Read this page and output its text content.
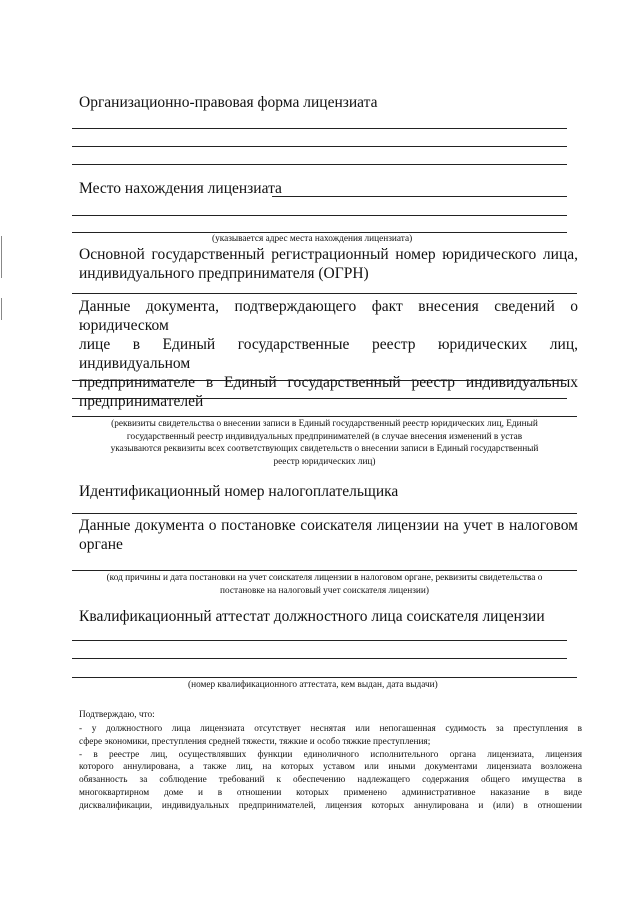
Организационно-правовая форма лицензиата
Место нахождения лицензиата
(указывается адрес места нахождения лицензиата)
Основной государственный регистрационный номер юридического лица,
индивидуального предпринимателя (ОГРН)
Данные документа, подтверждающего факт внесения сведений о юридическом
лице в Единый государственные реестр юридических лиц, индивидуальном
предпринимателе в Единый государственный реестр индивидуальных
предпринимателей
(реквизиты свидетельства о внесении записи в Единый государственный реестр юридических лиц, Единый
государственный реестр индивидуальных предпринимателей (в случае внесения изменений в устав
указываются реквизиты всех соответствующих свидетельств о внесении записи в Единый государственный
реестр юридических лиц)
Идентификационный номер налогоплательщика
Данные документа о постановке соискателя лицензии на учет в налоговом
органе
(код причины и дата постановки на учет соискателя лицензии в налоговом органе, реквизиты свидетельства о
постановке на налоговый учет соискателя лицензии)
Квалификационный аттестат должностного лица соискателя лицензии
(номер квалификационного аттестата, кем выдан, дата выдачи)
Подтверждаю, что:
- у должностного лица лицензиата отсутствует неснятая или непогашенная судимость за преступления в
сфере экономики, преступления средней тяжести, тяжкие и особо тяжкие преступления;
- в реестре лиц, осуществлявших функции единоличного исполнительного органа лицензиата, лицензия
которого аннулирована, а также лиц, на которых уставом или иными документами лицензиата возложена
обязанность за соблюдение требований к обеспечению надлежащего содержания общего имущества в
многоквартирном доме и в отношении которых применено административное наказание в виде
дисквалификации, индивидуальных предпринимателей, лицензия которых аннулирована и (или) в отношении
